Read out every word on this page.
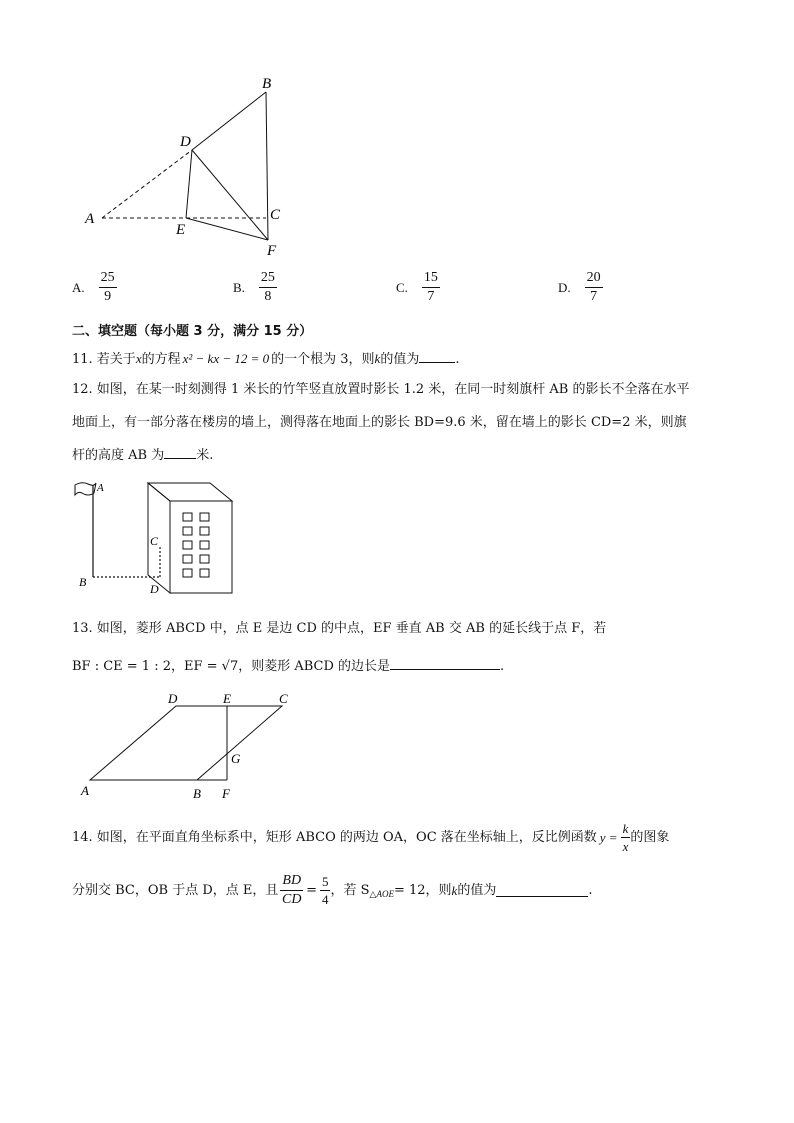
B
D
A	C
E
F
A. $\frac{25}{9}$	B. $\frac{25}{8}$	C. $\frac{15}{7}$	D. $\frac{20}{7}$
二、填空题（每小题 3 分，满分 15 分）
11. 若关于x的方程 x² − kx − 12 = 0 的一个根为 3，则k的值为	.
12. 如图，在某一时刻测得 1 米长的竹竿竖直放置时影长 1.2 米，在同一时刻旗杆 AB 的影长不全落在水平
地面上，有一部分落在楼房的墙上，测得落在地面上的影长 BD=9.6 米，留在墙上的影长 CD=2 米，则旗
杆的高度 AB 为 米.
A
C
B	D
13. 如图，菱形 ABCD 中，点 E 是边 CD 的中点，EF 垂直 AB 交 AB 的延长线于点 F，若
BF : CE = 1 : 2，EF = √7，则菱形 ABCD 的边长是	.
D	E	C
G
A	B F
14. 如图，在平面直角坐标系中，矩形 ABCO 的两边 OA，OC 落在坐标轴上，反比例函数 $y = \frac{k}{x}$ 的图象
分别交 BC，OB 于点 D，点 E，且 $\frac{BD}{CD} = \frac{5}{4}$ ，若 S △AOE = 12，则 k 的值为	.
